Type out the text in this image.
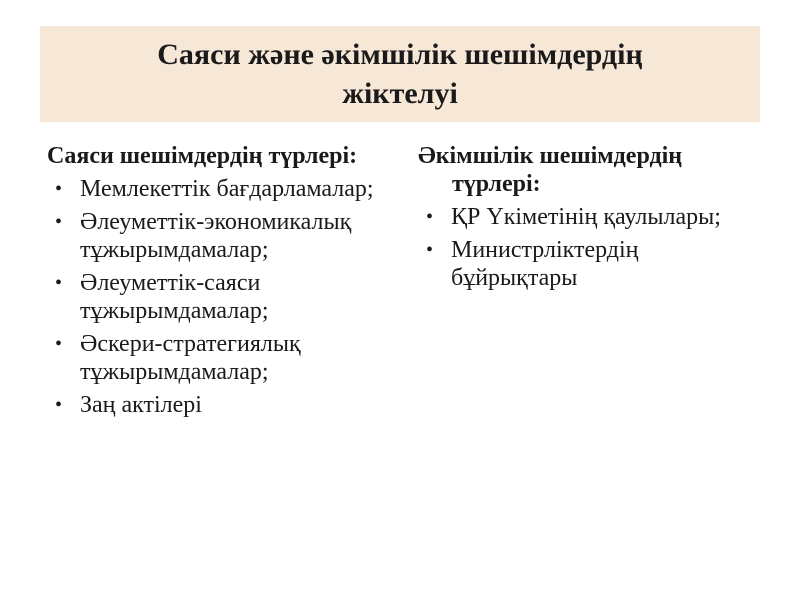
Саяси және әкімшілік шешімдердің жіктелуі

Саяси шешімдердің түрлері:

• Мемлекеттік бағдарламалар;
• Әлеуметтік-экономикалық тұжырымдамалар;
• Әлеуметтік-саяси тұжырымдамалар;
• Әскери-стратегиялық тұжырымдамалар;
• Заң актілері

Әкімшілік шешімдердің түрлері:

• ҚР Үкіметінің қаулылары;
• Министрліктердің бұйрықтары
